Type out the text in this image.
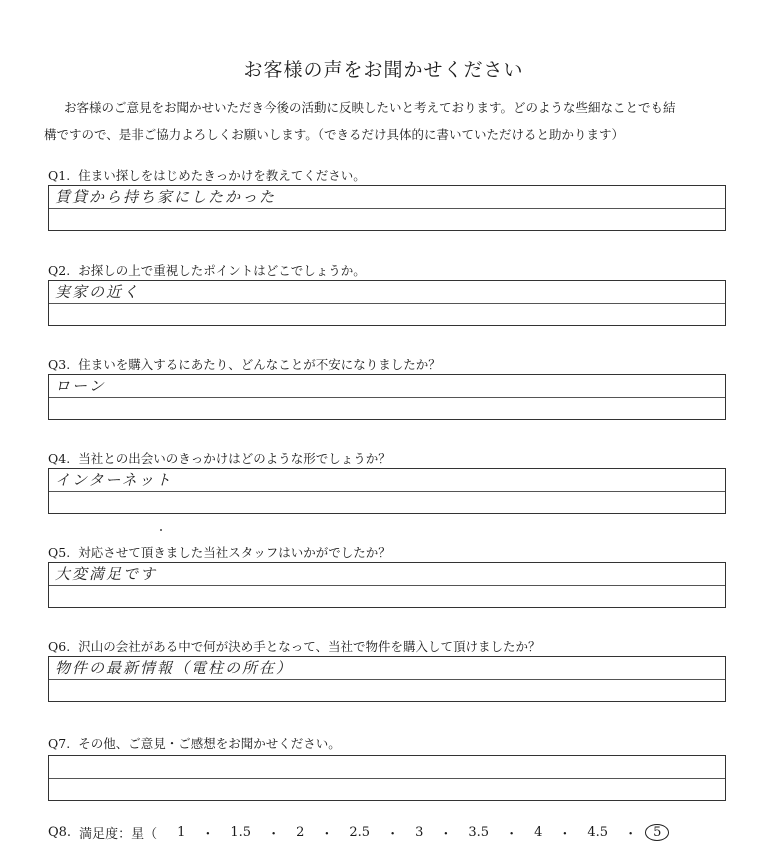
お客様の声をお聞かせください
お客様のご意見をお聞かせいただき今後の活動に反映したいと考えております。どのような些細なことでも結
構ですので、是非ご協力よろしくお願いします。（できるだけ具体的に書いていただけると助かります）
Q1. 住まい探しをはじめたきっかけを教えてください。
賃貸から持ち家にしたかった
Q2. お探しの上で重視したポイントはどこでしょうか。
実家の近く
Q3. 住まいを購入するにあたり、どんなことが不安になりましたか？
ローン
Q4. 当社との出会いのきっかけはどのような形でしょうか？
インターネット
Q5. 対応させて頂きました当社スタッフはいかがでしたか？
大変満足です
Q6. 沢山の会社がある中で何が決め手となって、当社で物件を購入して頂けましたか？
物件の最新情報（電柱の所在）
Q7. その他、ご意見・ご感想をお聞かせください。
Q8. 満足度：星（ 1 ・ 1.5 ・ 2 ・ 2.5 ・ 3 ・ 3.5 ・ 4 ・ 4.5 ・	5
